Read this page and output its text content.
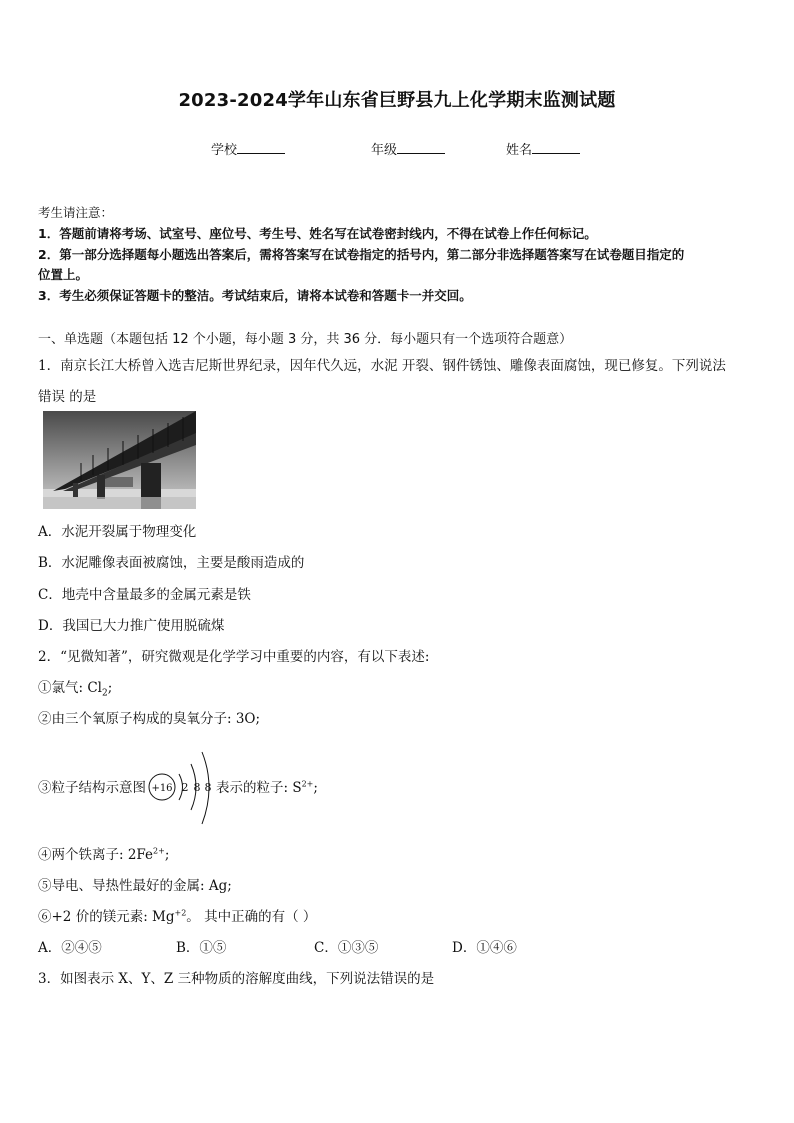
2023-2024学年山东省巨野县九上化学期末监测试题
学校	年级	姓名
考生请注意：
1．答题前请将考场、试室号、座位号、考生号、姓名写在试卷密封线内，不得在试卷上作任何标记。
2．第一部分选择题每小题选出答案后，需将答案写在试卷指定的括号内，第二部分非选择题答案写在试卷题目指定的
位置上。
3．考生必须保证答题卡的整洁。考试结束后，请将本试卷和答题卡一并交回。
一、单选题（本题包括 12 个小题，每小题 3 分，共 36 分．每小题只有一个选项符合题意）
1．南京长江大桥曾入选吉尼斯世界纪录，因年代久远，水泥 开裂、钢件锈蚀、雕像表面腐蚀，现已修复。下列说法
错误 的是
A．水泥开裂属于物理变化
B．水泥雕像表面被腐蚀，主要是酸雨造成的
C．地壳中含量最多的金属元素是铁
D．我国已大力推广使用脱硫煤
2．“见微知著”，研究微观是化学学习中重要的内容，有以下表述:
①氯气: $Cl_2$;
②由三个氧原子构成的臭氧分子: 3O;
③粒子结构示意图 +16 2 8 8 表示的粒子: $S^{2+}$;
④两个铁离子: $2Fe^{2+}$;
⑤导电、导热性最好的金属: Ag;
⑥+2 价的镁元素: $Mg^{+2}$。 其中正确的有（ ）
A．②④⑤	B．①⑤	C．①③⑤	D．①④⑥
3．如图表示 X、Y、Z 三种物质的溶解度曲线，下列说法错误的是
